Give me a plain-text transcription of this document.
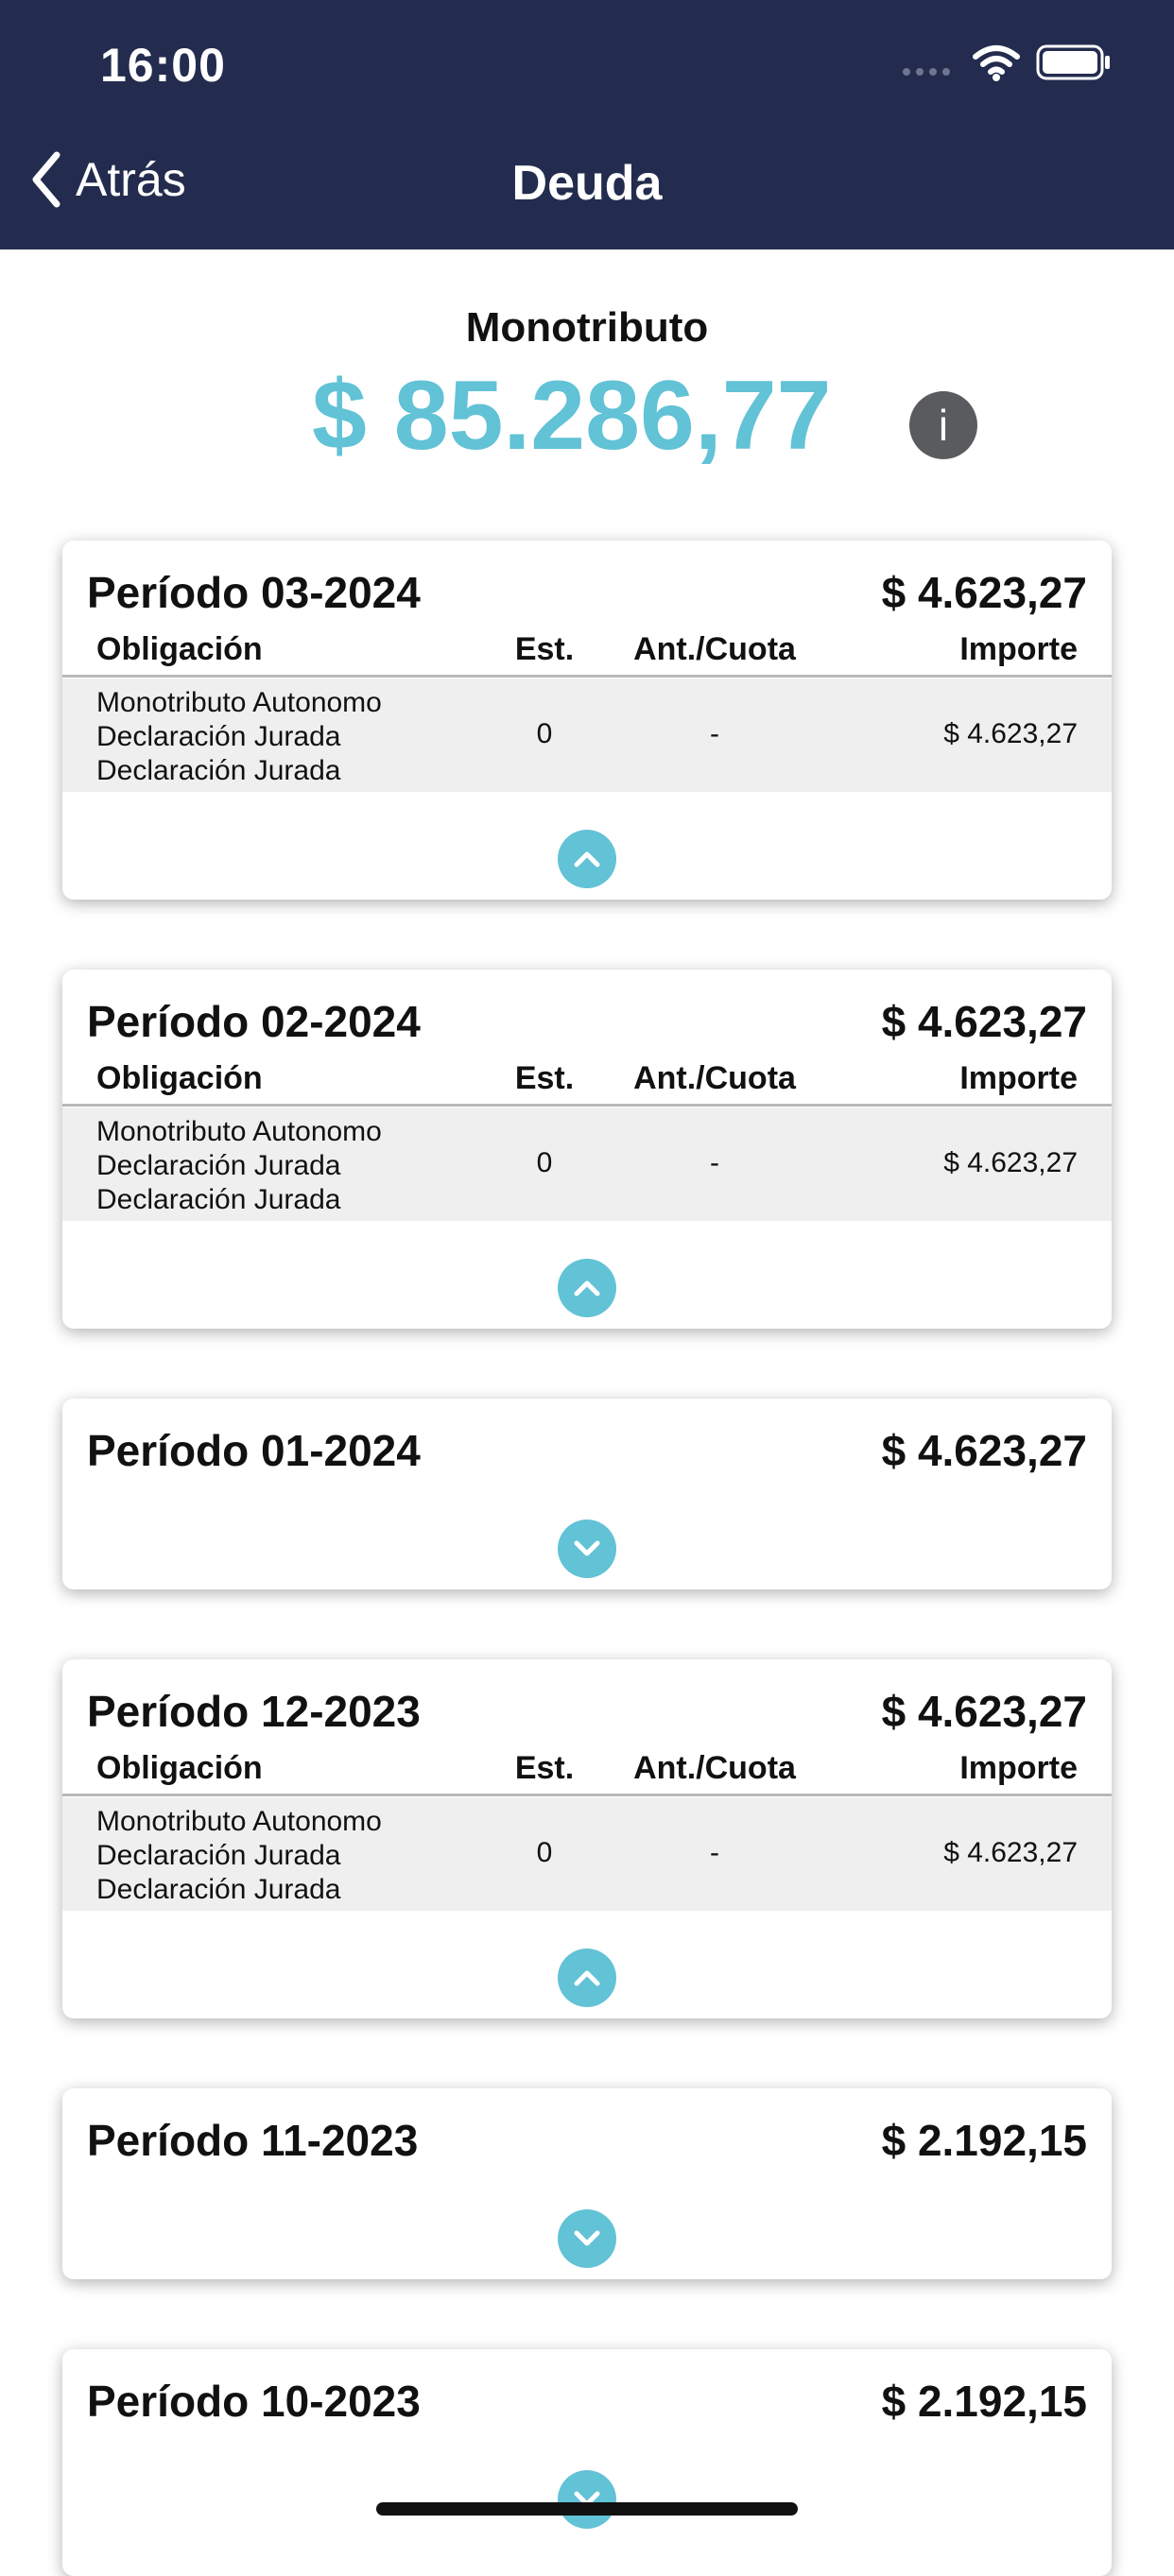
16:00
Atrás	Deuda
Monotributo
$ 85.286,77	i
Período 03-2024	$ 4.623,27
Obligación	Est.	Ant./Cuota	Importe
Monotributo Autonomo
Declaración Jurada
Declaración Jurada
0	-	$ 4.623,27
Período 02-2024	$ 4.623,27
Obligación	Est.	Ant./Cuota	Importe
Monotributo Autonomo
Declaración Jurada
Declaración Jurada
0	-	$ 4.623,27
Período 01-2024	$ 4.623,27
Período 12-2023	$ 4.623,27
Obligación	Est.	Ant./Cuota	Importe
Monotributo Autonomo
Declaración Jurada
Declaración Jurada
0	-	$ 4.623,27
Período 11-2023	$ 2.192,15
Período 10-2023	$ 2.192,15
